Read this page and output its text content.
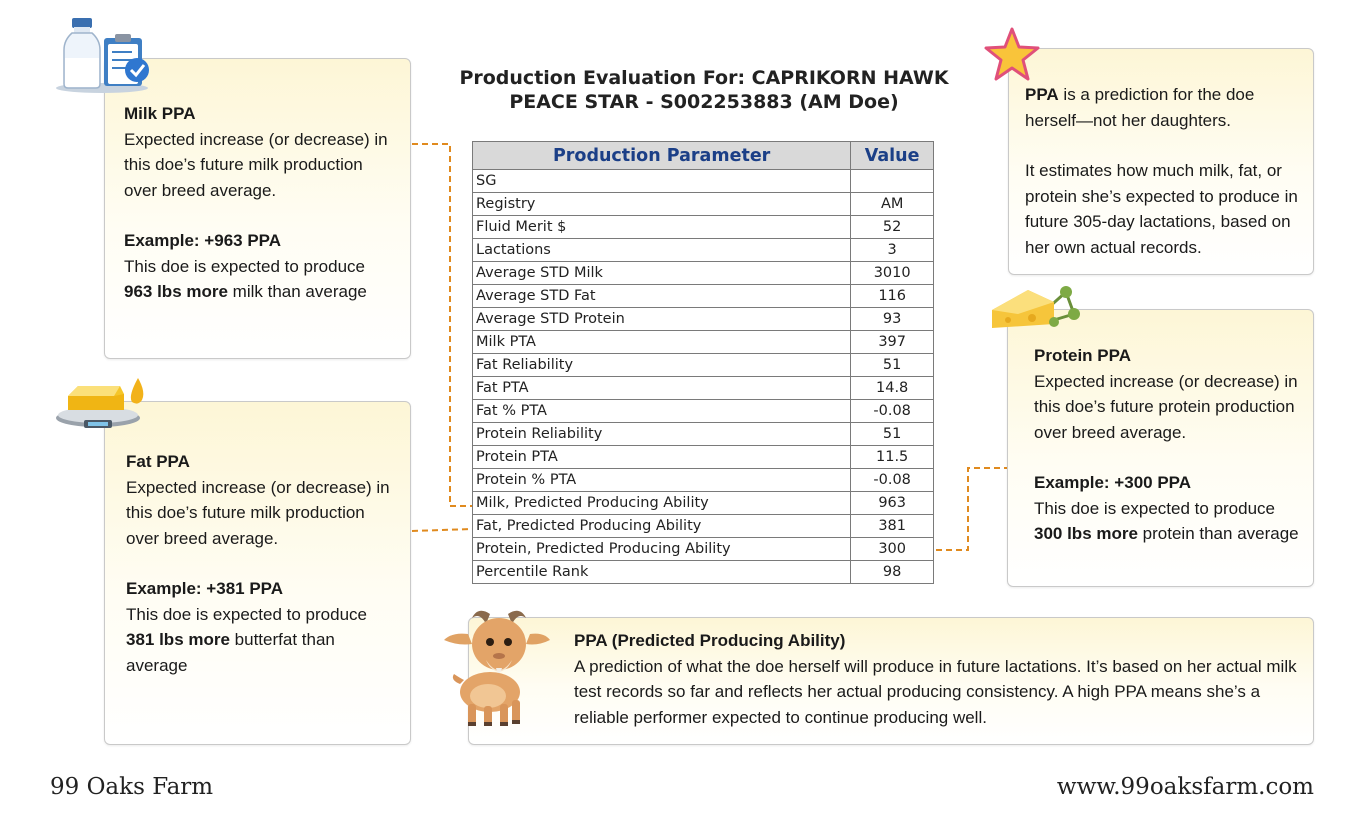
Production Evaluation For: CAPRIKORN HAWK
PEACE STAR - S002253883 (AM Doe)
Production Parameter	Value
SG	
Registry	AM
Fluid Merit $	52
Lactations	3
Average STD Milk	3010
Average STD Fat	116
Average STD Protein	93
Milk PTA	397
Fat Reliability	51
Fat PTA	14.8
Fat % PTA	-0.08
Protein Reliability	51
Protein PTA	11.5
Protein % PTA	-0.08
Milk, Predicted Producing Ability	963
Fat, Predicted Producing Ability	381
Protein, Predicted Producing Ability	300
Percentile Rank	98
Milk PPA

Expected increase (or decrease) in this doe’s future milk production over breed average.

Example: +963 PPA

This doe is expected to produce
963 lbs more milk than average

Fat PPA

Expected increase (or decrease) in this doe’s future milk production over breed average.

Example: +381 PPA

This doe is expected to produce
381 lbs more butterfat than average

PPA is a prediction for the doe herself—not her daughters.

It estimates how much milk, fat, or protein she’s expected to produce in future 305-day lactations, based on her own actual records.

Protein PPA

Expected increase (or decrease) in this doe’s future protein production over breed average.

Example: +300 PPA

This doe is expected to produce
300 lbs more protein than average

PPA (Predicted Producing Ability)

A prediction of what the doe herself will produce in future lactations. It’s based on her actual milk test records so far and reflects her actual producing consistency. A high PPA means she’s a reliable performer expected to continue producing well.

99 Oaks Farm	www.99oaksfarm.com
